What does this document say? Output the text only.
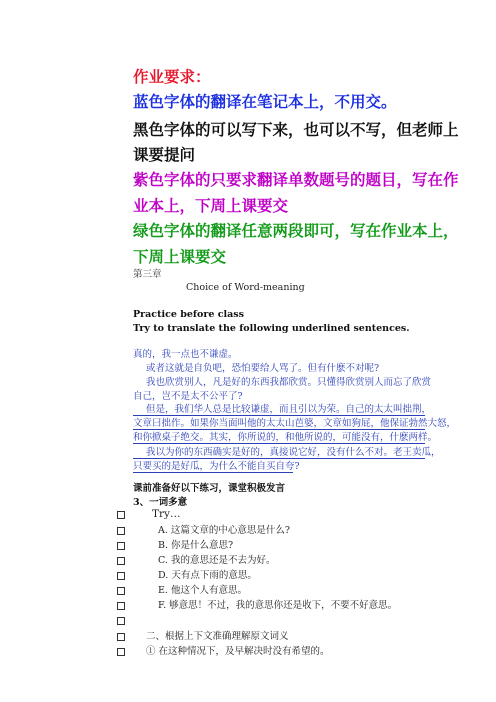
作业要求：
蓝色字体的翻译在笔记本上，不用交。
黑色字体的可以写下来，也可以不写，但老师上
课要提问
紫色字体的只要求翻译单数题号的题目，写在作
业本上，下周上课要交
绿色字体的翻译任意两段即可，写在作业本上，
下周上课要交
第三章
Choice of Word-meaning
Practice before class
Try to translate the following underlined sentences.
真的，我一点也不谦虚。
或者这就是自负吧，恐怕要给人骂了。但有什麽不对呢?
我也欣赏别人，凡是好的东西我都欣赏。只懂得欣赏别人而忘了欣赏
自己，岂不是太不公平了?
但是，我们华人总是比较谦虚，而且引以为荣。自己的太太叫拙荆，
文章曰拙作。如果你当面叫他的太太山芭婆，文章如狗屁，他保证勃然大怒，
和你掀桌子绝交。其实，你所说的，和他所说的，可能没有，什麽两样。
我以为你的东西确实是好的，真接说它好，没有什么不对。老王卖瓜，
只要买的是好瓜，为什么不能自买自夸?
课前准备好以下练习，课堂积极发言
3、一词多意
Try…
A. 这篇文章的中心意思是什么?
B. 你是什么意思?
C. 我的意思还是不去为好。
D. 天有点下雨的意思。
E. 他这个人有意思。
F. 够意思！不过，我的意思你还是收下，不要不好意思。
二、根据上下文准确理解原文词义
① 在这种情况下，及早解决时没有希望的。
